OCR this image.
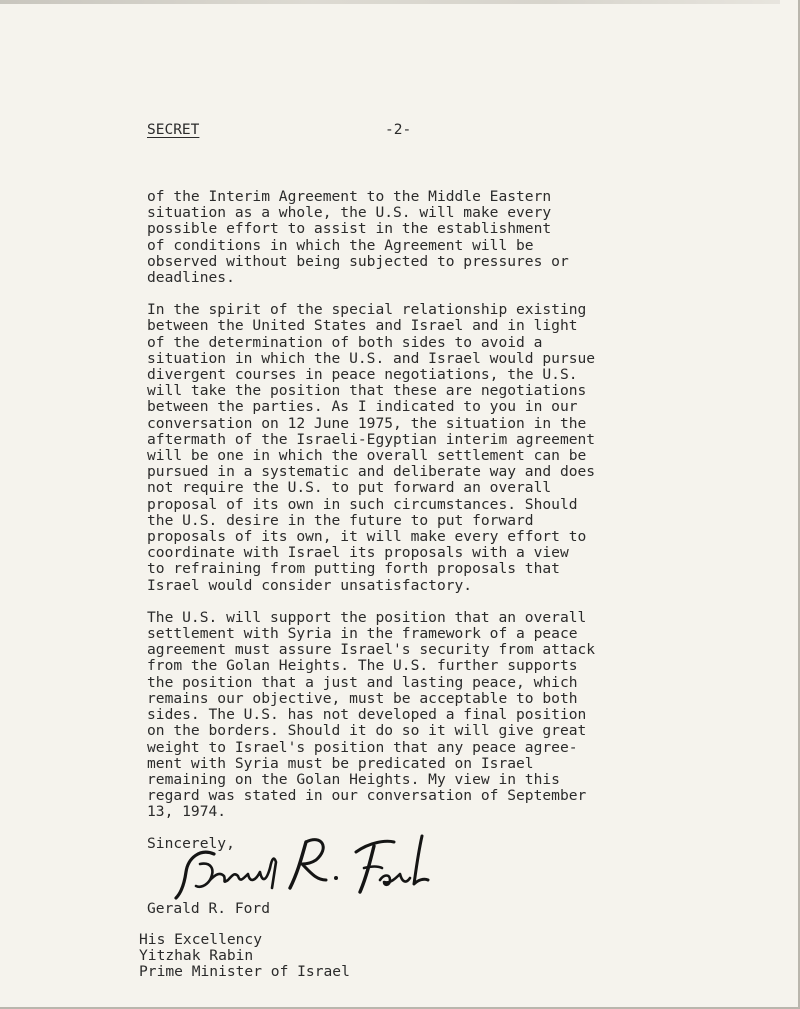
SECRET	-2-

of the Interim Agreement to the Middle Eastern
situation as a whole, the U.S. will make every
possible effort to assist in the establishment
of conditions in which the Agreement will be
observed without being subjected to pressures or
deadlines.

In the spirit of the special relationship existing
between the United States and Israel and in light
of the determination of both sides to avoid a
situation in which the U.S. and Israel would pursue
divergent courses in peace negotiations, the U.S.
will take the position that these are negotiations
between the parties. As I indicated to you in our
conversation on 12 June 1975, the situation in the
aftermath of the Israeli-Egyptian interim agreement
will be one in which the overall settlement can be
pursued in a systematic and deliberate way and does
not require the U.S. to put forward an overall
proposal of its own in such circumstances. Should
the U.S. desire in the future to put forward
proposals of its own, it will make every effort to
coordinate with Israel its proposals with a view
to refraining from putting forth proposals that
Israel would consider unsatisfactory.

The U.S. will support the position that an overall
settlement with Syria in the framework of a peace
agreement must assure Israel's security from attack
from the Golan Heights. The U.S. further supports
the position that a just and lasting peace, which
remains our objective, must be acceptable to both
sides. The U.S. has not developed a final position
on the borders. Should it do so it will give great
weight to Israel's position that any peace agree-
ment with Syria must be predicated on Israel
remaining on the Golan Heights. My view in this
regard was stated in our conversation of September
13, 1974.

Sincerely,
Gerald R. Ford
His Excellency
Yitzhak Rabin
Prime Minister of Israel
